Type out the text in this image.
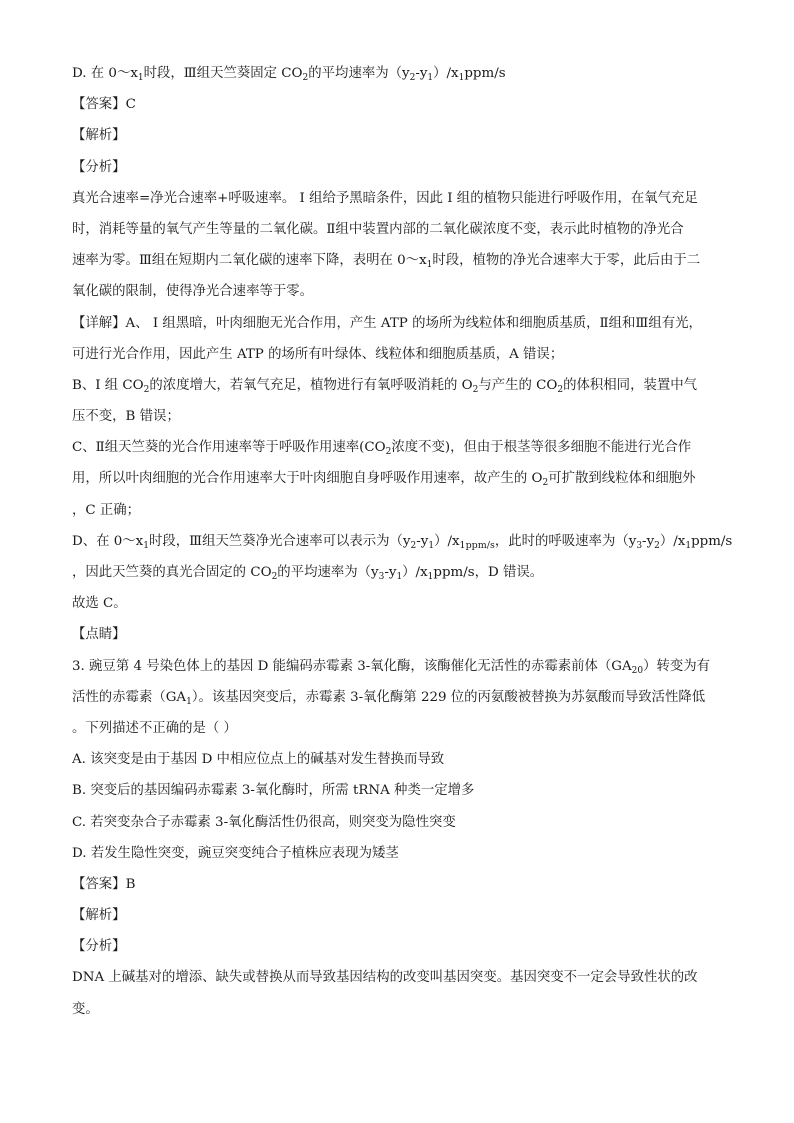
D. 在 $0\sim x_1$时段，Ⅲ组天竺葵固定 $CO_2$的平均速率为$(y_2-y_1)/x_1ppm/s$

【答案】C

【解析】

【分析】

真光合速率=净光合速率+呼吸速率。 I 组给予黑暗条件，因此 I 组的植物只能进行呼吸作用，在氧气充足

时，消耗等量的氧气产生等量的二氧化碳。Ⅱ组中装置内部的二氧化碳浓度不变，表示此时植物的净光合

速率为零。Ⅲ组在短期内二氧化碳的速率下降，表明在 $0\sim x_1$时段，植物的净光合速率大于零，此后由于二

氧化碳的限制，使得净光合速率等于零。

【详解】A、 I 组黑暗，叶肉细胞无光合作用，产生 ATP 的场所为线粒体和细胞质基质，Ⅱ组和Ⅲ组有光，

可进行光合作用，因此产生 ATP 的场所有叶绿体、线粒体和细胞质基质，A 错误；

B、I 组 $CO_2$的浓度增大，若氧气充足，植物进行有氧呼吸消耗的 $O_2$与产生的 $CO_2$的体积相同，装置中气

压不变，B 错误；

C、Ⅱ组天竺葵的光合作用速率等于呼吸作用速率($CO_2$浓度不变)，但由于根茎等很多细胞不能进行光合作

用，所以叶肉细胞的光合作用速率大于叶肉细胞自身呼吸作用速率，故产生的 $O_2$可扩散到线粒体和细胞外

，C 正确；

D、在 $0\sim x_1$时段，Ⅲ组天竺葵净光合速率可以表示为$(y_2-y_1)/x_{1ppm/s}$，此时的呼吸速率为$(y_3-y_2)/x_1ppm/s$

，因此天竺葵的真光合固定的 $CO_2$的平均速率为$(y_3-y_1)/x_1ppm/s$，D 错误。

故选 C。

【点睛】

3. 豌豆第 4 号染色体上的基因 D 能编码赤霉素 3-氧化酶，该酶催化无活性的赤霉素前体$(GA_{20})$转变为有

活性的赤霉素$(GA_1)$。该基因突变后，赤霉素 3-氧化酶第 229 位的丙氨酸被替换为苏氨酸而导致活性降低

。下列描述不正确的是（ ）

A. 该突变是由于基因 D 中相应位点上的碱基对发生替换而导致

B. 突变后的基因编码赤霉素 3-氧化酶时，所需 tRNA 种类一定增多

C. 若突变杂合子赤霉素 3-氧化酶活性仍很高，则突变为隐性突变

D. 若发生隐性突变，豌豆突变纯合子植株应表现为矮茎

【答案】B

【解析】

【分析】

DNA 上碱基对的增添、缺失或替换从而导致基因结构的改变叫基因突变。基因突变不一定会导致性状的改

变。
